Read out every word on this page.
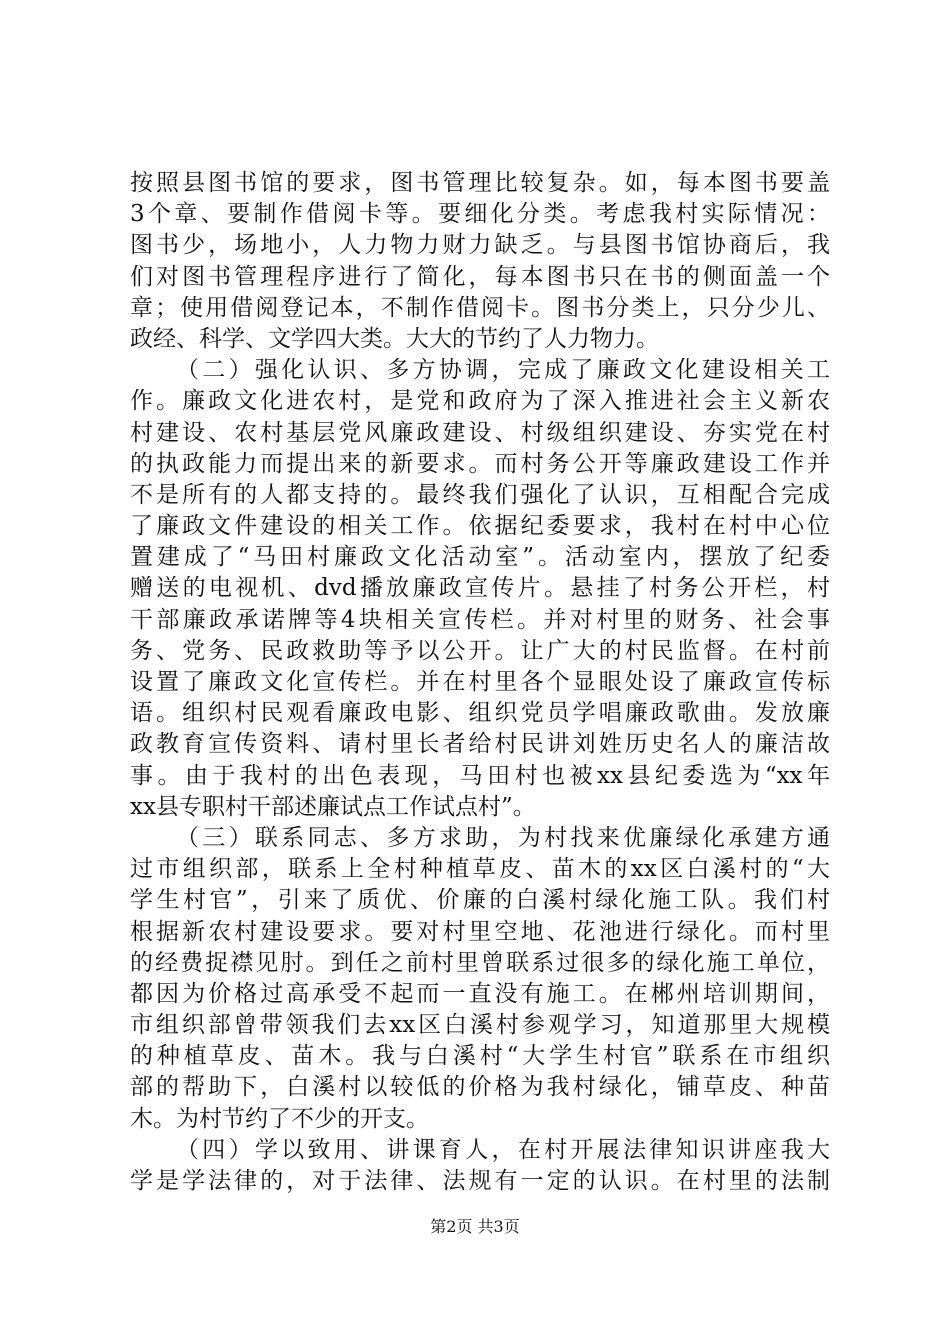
按照县图书馆的要求，图书管理比较复杂。如，每本图书要盖
3个章、要制作借阅卡等。要细化分类。考虑我村实际情况：
图书少，场地小，人力物力财力缺乏。与县图书馆协商后，我
们对图书管理程序进行了简化，每本图书只在书的侧面盖一个
章；使用借阅登记本，不制作借阅卡。图书分类上，只分少儿、
政经、科学、文学四大类。大大的节约了人力物力。
（二）强化认识、多方协调，完成了廉政文化建设相关工
作。廉政文化进农村，是党和政府为了深入推进社会主义新农
村建设、农村基层党风廉政建设、村级组织建设、夯实党在村
的执政能力而提出来的新要求。而村务公开等廉政建设工作并
不是所有的人都支持的。最终我们强化了认识，互相配合完成
了廉政文件建设的相关工作。依据纪委要求，我村在村中心位
置建成了“马田村廉政文化活动室”。活动室内，摆放了纪委
赠送的电视机、dvd播放廉政宣传片。悬挂了村务公开栏，村
干部廉政承诺牌等4块相关宣传栏。并对村里的财务、社会事
务、党务、民政救助等予以公开。让广大的村民监督。在村前
设置了廉政文化宣传栏。并在村里各个显眼处设了廉政宣传标
语。组织村民观看廉政电影、组织党员学唱廉政歌曲。发放廉
政教育宣传资料、请村里长者给村民讲刘姓历史名人的廉洁故
事。由于我村的出色表现，马田村也被xx县纪委选为“xx年
xx县专职村干部述廉试点工作试点村”。
（三）联系同志、多方求助，为村找来优廉绿化承建方通
过市组织部，联系上全村种植草皮、苗木的xx区白溪村的“大
学生村官”，引来了质优、价廉的白溪村绿化施工队。我们村
根据新农村建设要求。要对村里空地、花池进行绿化。而村里
的经费捉襟见肘。到任之前村里曾联系过很多的绿化施工单位，
都因为价格过高承受不起而一直没有施工。在郴州培训期间，
市组织部曾带领我们去xx区白溪村参观学习，知道那里大规模
的种植草皮、苗木。我与白溪村“大学生村官”联系在市组织
部的帮助下，白溪村以较低的价格为我村绿化，铺草皮、种苗
木。为村节约了不少的开支。
（四）学以致用、讲课育人，在村开展法律知识讲座我大
学是学法律的，对于法律、法规有一定的认识。在村里的法制
第2页 共3页
